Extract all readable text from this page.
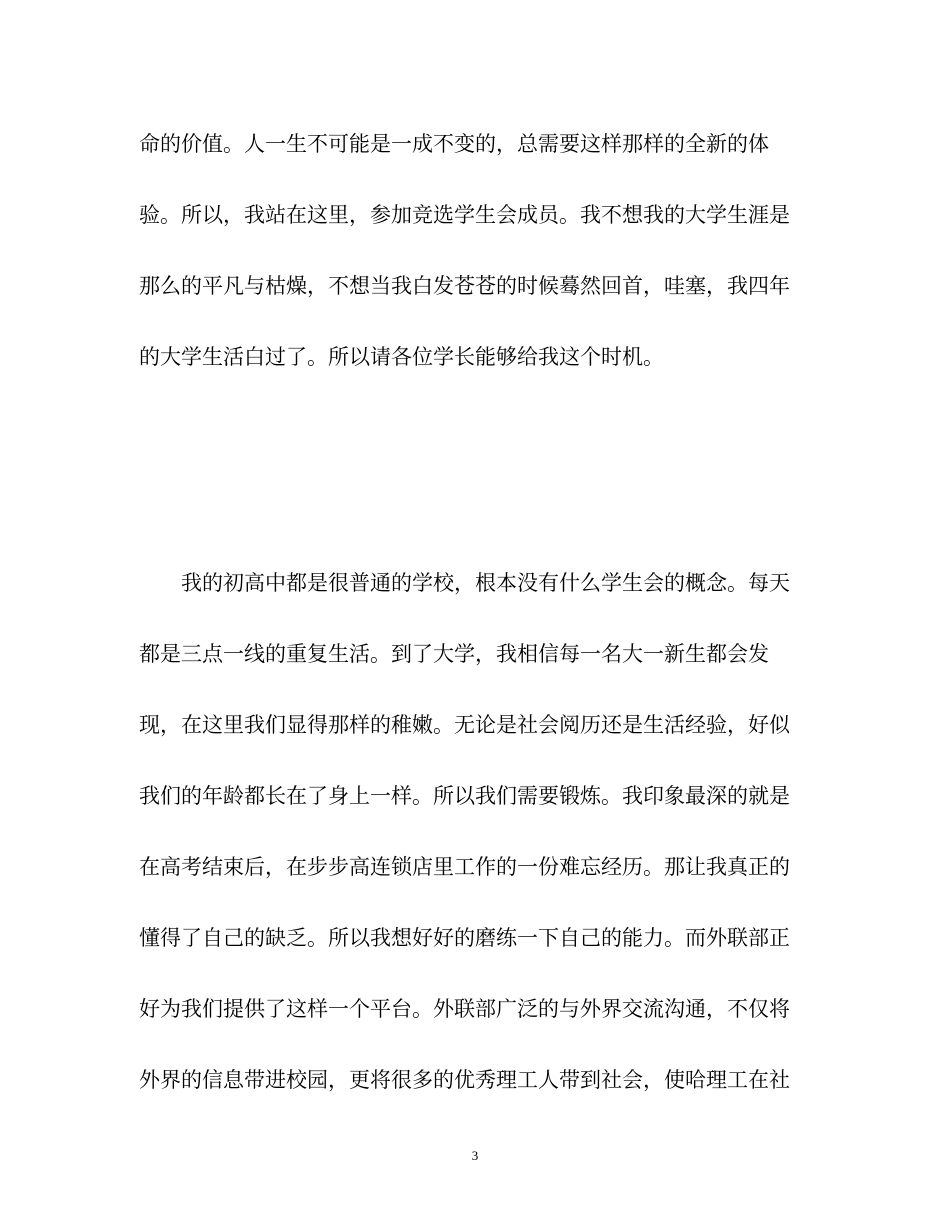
命的价值。人一生不可能是一成不变的，总需要这样那样的全新的体
验。所以，我站在这里，参加竞选学生会成员。我不想我的大学生涯是
那么的平凡与枯燥，不想当我白发苍苍的时候蓦然回首，哇塞，我四年
的大学生活白过了。所以请各位学长能够给我这个时机。
我的初高中都是很普通的学校，根本没有什么学生会的概念。每天
都是三点一线的重复生活。到了大学，我相信每一名大一新生都会发
现，在这里我们显得那样的稚嫩。无论是社会阅历还是生活经验，好似
我们的年龄都长在了身上一样。所以我们需要锻炼。我印象最深的就是
在高考结束后，在步步高连锁店里工作的一份难忘经历。那让我真正的
懂得了自己的缺乏。所以我想好好的磨练一下自己的能力。而外联部正
好为我们提供了这样一个平台。外联部广泛的与外界交流沟通，不仅将
外界的信息带进校园，更将很多的优秀理工人带到社会，使哈理工在社
3
